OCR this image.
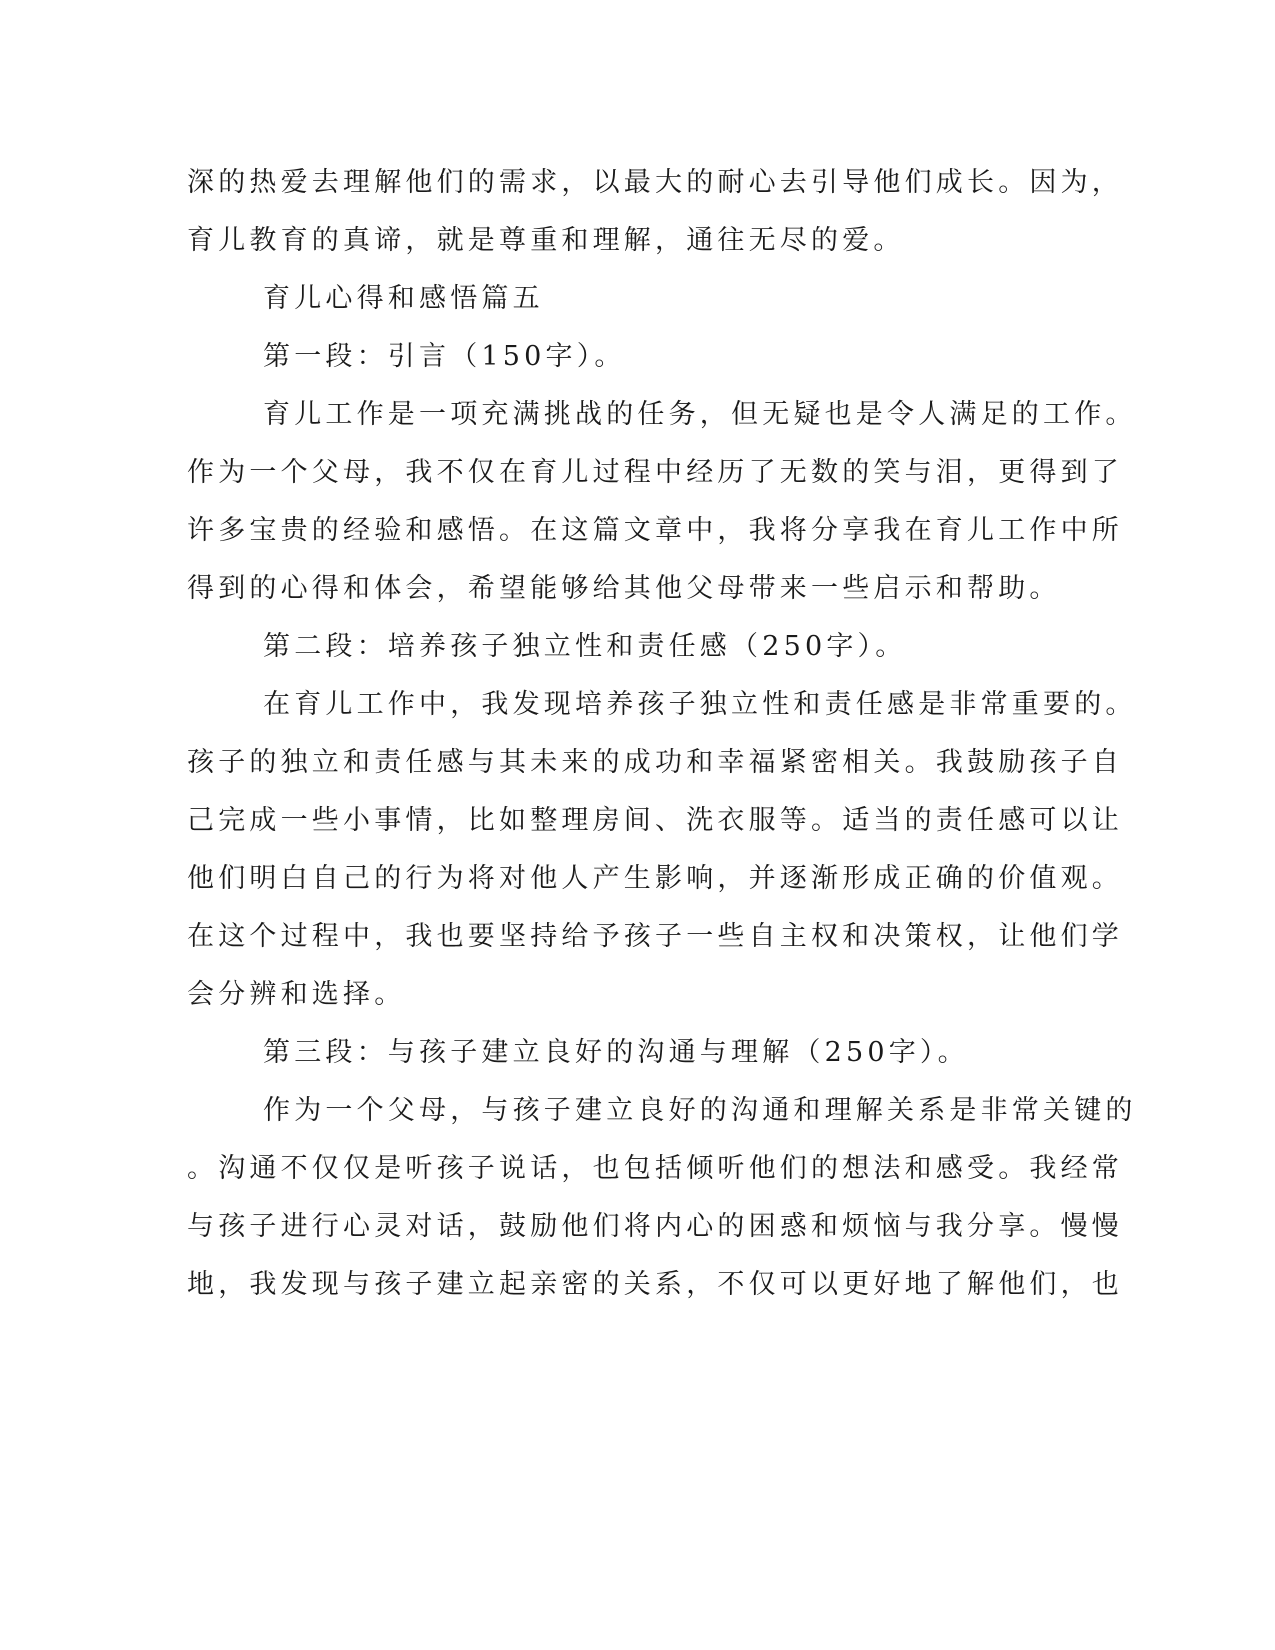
深的热爱去理解他们的需求，以最大的耐心去引导他们成长。因为，
育儿教育的真谛，就是尊重和理解，通往无尽的爱。
育儿心得和感悟篇五
第一段：引言（150字）。
育儿工作是一项充满挑战的任务，但无疑也是令人满足的工作。
作为一个父母，我不仅在育儿过程中经历了无数的笑与泪，更得到了
许多宝贵的经验和感悟。在这篇文章中，我将分享我在育儿工作中所
得到的心得和体会，希望能够给其他父母带来一些启示和帮助。
第二段：培养孩子独立性和责任感（250字）。
在育儿工作中，我发现培养孩子独立性和责任感是非常重要的。
孩子的独立和责任感与其未来的成功和幸福紧密相关。我鼓励孩子自
己完成一些小事情，比如整理房间、洗衣服等。适当的责任感可以让
他们明白自己的行为将对他人产生影响，并逐渐形成正确的价值观。
在这个过程中，我也要坚持给予孩子一些自主权和决策权，让他们学
会分辨和选择。
第三段：与孩子建立良好的沟通与理解（250字）。
作为一个父母，与孩子建立良好的沟通和理解关系是非常关键的
。沟通不仅仅是听孩子说话，也包括倾听他们的想法和感受。我经常
与孩子进行心灵对话，鼓励他们将内心的困惑和烦恼与我分享。慢慢
地，我发现与孩子建立起亲密的关系，不仅可以更好地了解他们，也
